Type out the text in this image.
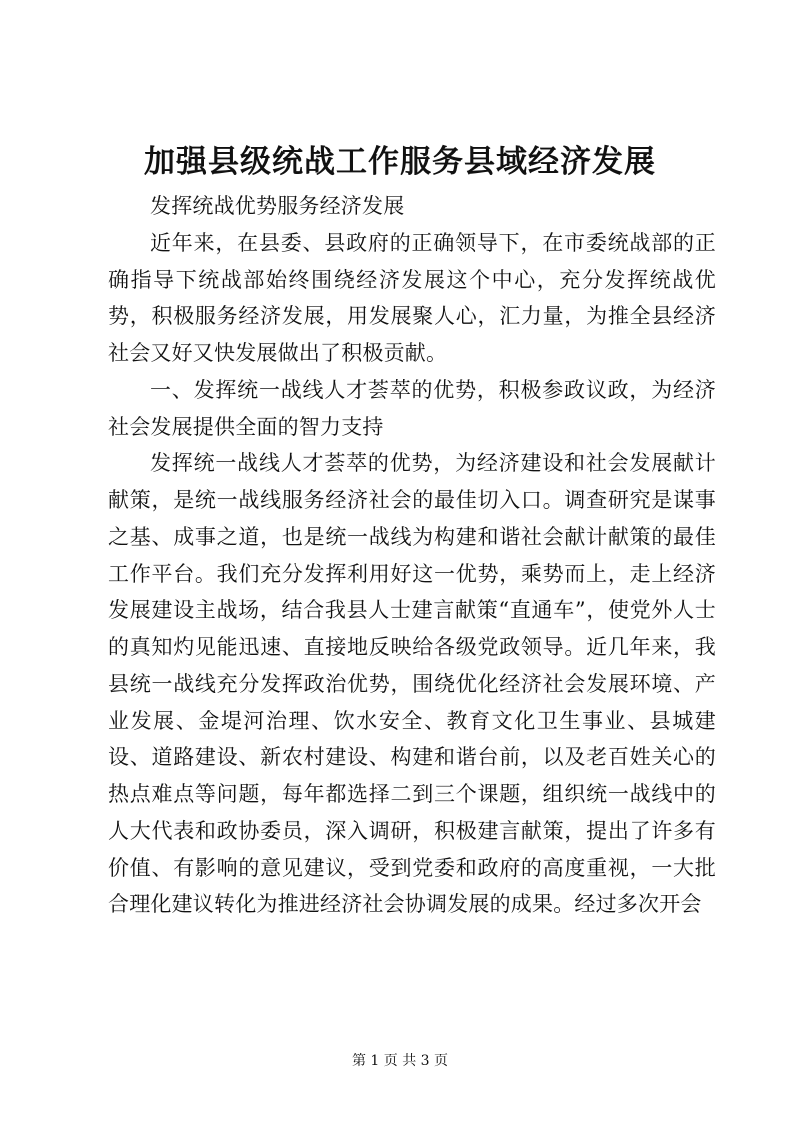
加强县级统战工作服务县域经济发展

发挥统战优势服务经济发展

近年来，在县委、县政府的正确领导下，在市委统战部的正确指导下统战部始终围绕经济发展这个中心，充分发挥统战优势，积极服务经济发展，用发展聚人心，汇力量，为推全县经济社会又好又快发展做出了积极贡献。

一、发挥统一战线人才荟萃的优势，积极参政议政，为经济社会发展提供全面的智力支持

发挥统一战线人才荟萃的优势，为经济建设和社会发展献计献策，是统一战线服务经济社会的最佳切入口。调查研究是谋事之基、成事之道，也是统一战线为构建和谐社会献计献策的最佳工作平台。我们充分发挥利用好这一优势，乘势而上，走上经济发展建设主战场，结合我县人士建言献策“直通车”，使党外人士的真知灼见能迅速、直接地反映给各级党政领导。近几年来，我县统一战线充分发挥政治优势，围绕优化经济社会发展环境、产业发展、金堤河治理、饮水安全、教育文化卫生事业、县城建设、道路建设、新农村建设、构建和谐台前，以及老百姓关心的热点难点等问题，每年都选择二到三个课题，组织统一战线中的人大代表和政协委员，深入调研，积极建言献策，提出了许多有价值、有影响的意见建议，受到党委和政府的高度重视，一大批合理化建议转化为推进经济社会协调发展的成果。经过多次开会

第 1 页 共 3 页
